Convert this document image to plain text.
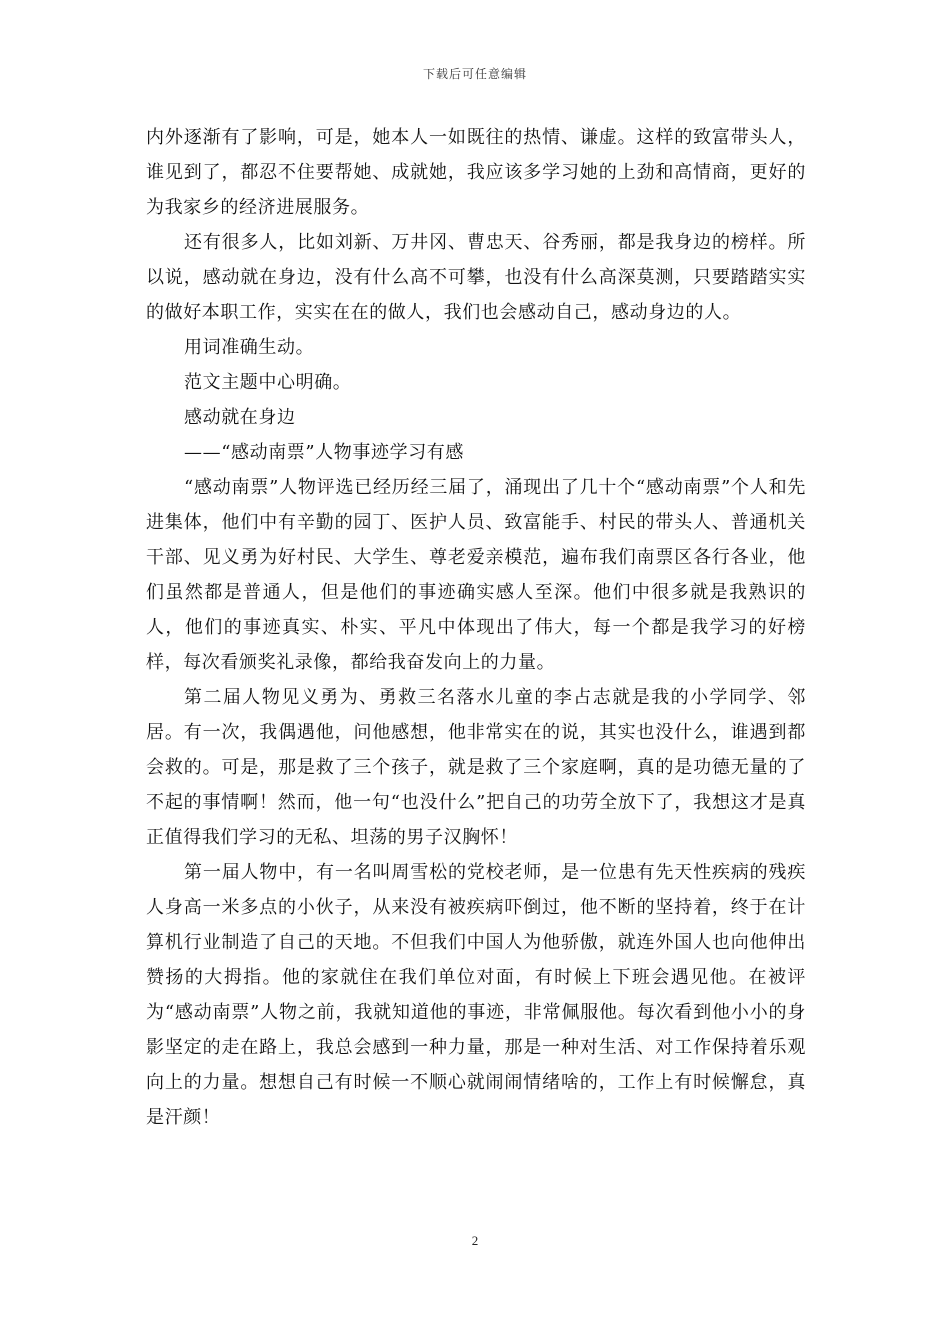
下载后可任意编辑

内外逐渐有了影响，可是，她本人一如既往的热情、谦虚。这样的致富带头人，谁见到了，都忍不住要帮她、成就她，我应该多学习她的上劲和高情商，更好的为我家乡的经济进展服务。

还有很多人，比如刘新、万井冈、曹忠天、谷秀丽，都是我身边的榜样。所以说，感动就在身边，没有什么高不可攀，也没有什么高深莫测，只要踏踏实实的做好本职工作，实实在在的做人，我们也会感动自己，感动身边的人。

用词准确生动。

范文主题中心明确。

感动就在身边

——“感动南票”人物事迹学习有感

“感动南票”人物评选已经历经三届了，涌现出了几十个“感动南票”个人和先进集体，他们中有辛勤的园丁、医护人员、致富能手、村民的带头人、普通机关干部、见义勇为好村民、大学生、尊老爱亲模范，遍布我们南票区各行各业，他们虽然都是普通人，但是他们的事迹确实感人至深。他们中很多就是我熟识的人，他们的事迹真实、朴实、平凡中体现出了伟大，每一个都是我学习的好榜样，每次看颁奖礼录像，都给我奋发向上的力量。

第二届人物见义勇为、勇救三名落水儿童的李占志就是我的小学同学、邻居。有一次，我偶遇他，问他感想，他非常实在的说，其实也没什么，谁遇到都会救的。可是，那是救了三个孩子，就是救了三个家庭啊，真的是功德无量的了不起的事情啊！然而，他一句“也没什么”把自己的功劳全放下了，我想这才是真正值得我们学习的无私、坦荡的男子汉胸怀！

第一届人物中，有一名叫周雪松的党校老师，是一位患有先天性疾病的残疾人身高一米多点的小伙子，从来没有被疾病吓倒过，他不断的坚持着，终于在计算机行业制造了自己的天地。不但我们中国人为他骄傲，就连外国人也向他伸出赞扬的大拇指。他的家就住在我们单位对面，有时候上下班会遇见他。在被评为“感动南票”人物之前，我就知道他的事迹，非常佩服他。每次看到他小小的身影坚定的走在路上，我总会感到一种力量，那是一种对生活、对工作保持着乐观向上的力量。想想自己有时候一不顺心就闹闹情绪啥的，工作上有时候懈怠，真是汗颜！

2
